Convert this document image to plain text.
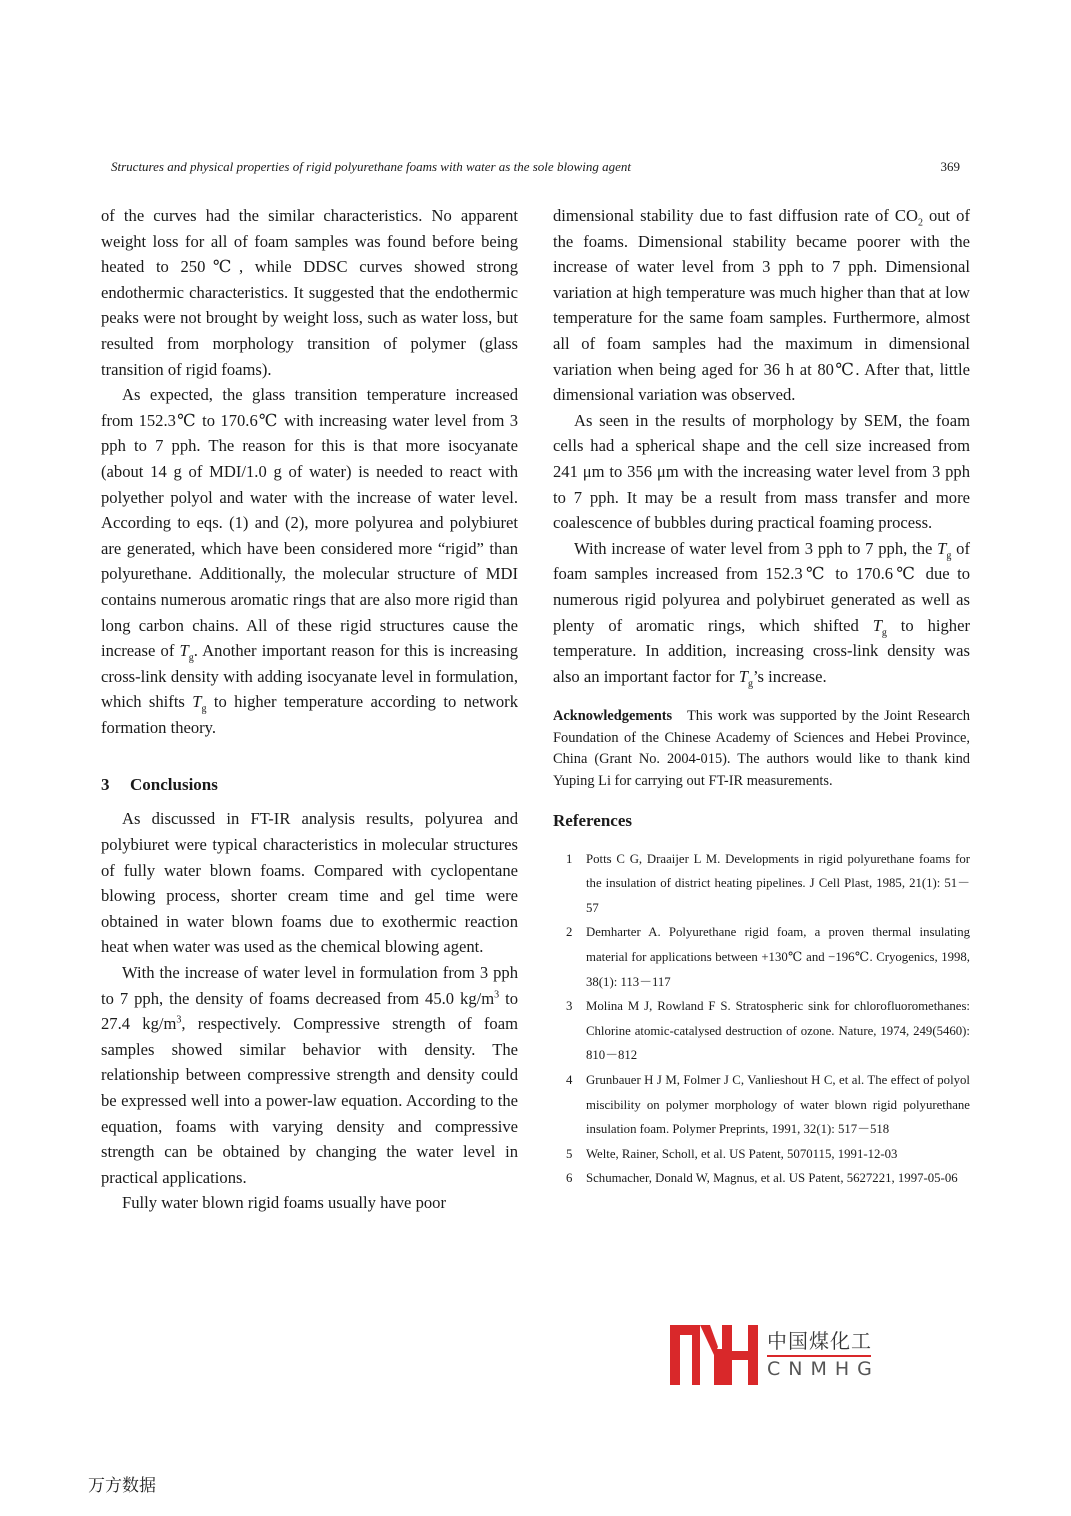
Structures and physical properties of rigid polyurethane foams with water as the sole blowing agent	369

of the curves had the similar characteristics. No apparent weight loss for all of foam samples was found before being heated to 250℃, while DDSC curves showed strong endothermic characteristics. It suggested that the endothermic peaks were not brought by weight loss, such as water loss, but resulted from morphology transition of polymer (glass transition of rigid foams).

As expected, the glass transition temperature increased from 152.3℃ to 170.6℃ with increasing water level from 3 pph to 7 pph. The reason for this is that more isocyanate (about 14 g of MDI/1.0 g of water) is needed to react with polyether polyol and water with the increase of water level. According to eqs. (1) and (2), more polyurea and polybiuret are generated, which have been considered more “rigid” than polyurethane. Additionally, the molecular structure of MDI contains numerous aromatic rings that are also more rigid than long carbon chains. All of these rigid structures cause the increase of $T_g$. Another important reason for this is increasing cross-link density with adding isocyanate level in formulation, which shifts $T_g$ to higher temperature according to network formation theory.

3 Conclusions

As discussed in FT-IR analysis results, polyurea and polybiuret were typical characteristics in molecular structures of fully water blown foams. Compared with cyclopentane blowing process, shorter cream time and gel time were obtained in water blown foams due to exothermic reaction heat when water was used as the chemical blowing agent.

With the increase of water level in formulation from 3 pph to 7 pph, the density of foams decreased from 45.0 $kg/m^3$ to 27.4 $kg/m^3$, respectively. Compressive strength of foam samples showed similar behavior with density. The relationship between compressive strength and density could be expressed well into a power-law equation. According to the equation, foams with varying density and compressive strength can be obtained by changing the water level in practical applications.

Fully water blown rigid foams usually have poor

dimensional stability due to fast diffusion rate of $CO_2$ out of the foams. Dimensional stability became poorer with the increase of water level from 3 pph to 7 pph. Dimensional variation at high temperature was much higher than that at low temperature for the same foam samples. Furthermore, almost all of foam samples had the maximum in dimensional variation when being aged for 36 h at 80℃. After that, little dimensional variation was observed.

As seen in the results of morphology by SEM, the foam cells had a spherical shape and the cell size increased from 241 μm to 356 μm with the increasing water level from 3 pph to 7 pph. It may be a result from mass transfer and more coalescence of bubbles during practical foaming process.

With increase of water level from 3 pph to 7 pph, the $T_g$ of foam samples increased from 152.3℃ to 170.6℃ due to numerous rigid polyurea and polybiruet generated as well as plenty of aromatic rings, which shifted $T_g$ to higher temperature. In addition, increasing cross-link density was also an important factor for $T_g’s$ increase.

Acknowledgements This work was supported by the Joint Research Foundation of the Chinese Academy of Sciences and Hebei Province, China (Grant No. 2004-015). The authors would like to thank kind Yuping Li for carrying out FT-IR measurements.
References
1 Potts C G, Draaijer L M. Developments in rigid polyurethane foams for the insulation of district heating pipelines. J Cell Plast, 1985, 21(1): 51－57
2 Demharter A. Polyurethane rigid foam, a proven thermal insulating material for applications between +130℃ and −196℃. Cryogenics, 1998, 38(1): 113－117
3 Molina M J, Rowland F S. Stratospheric sink for chlorofluoromethanes: Chlorine atomic-catalysed destruction of ozone. Nature, 1974, 249(5460): 810－812
4 Grunbauer H J M, Folmer J C, Vanlieshout H C, et al. The effect of polyol miscibility on polymer morphology of water blown rigid polyurethane insulation foam. Polymer Preprints, 1991, 32(1): 517－518
5 Welte, Rainer, Scholl, et al. US Patent, 5070115, 1991-12-03
6 Schumacher, Donald W, Magnus, et al. US Patent, 5627221, 1997-05-06
中国煤化工
CNMHG
万方数据
